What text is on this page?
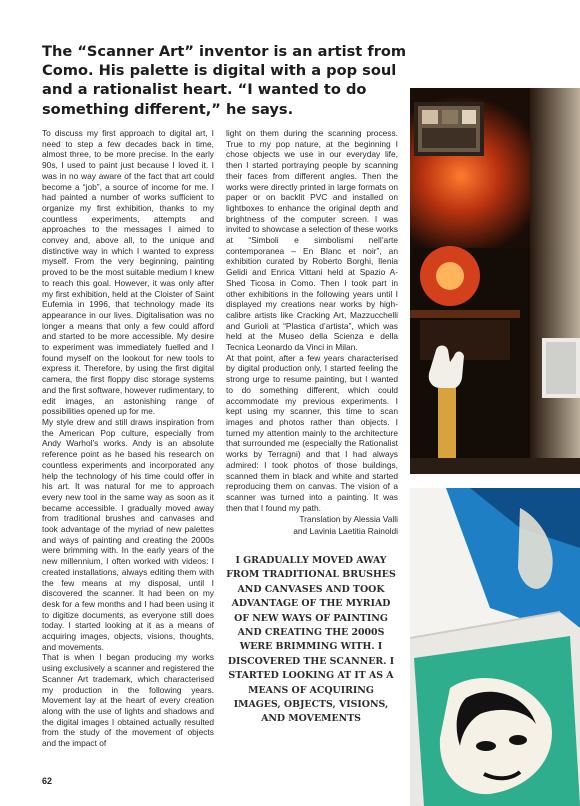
The “Scanner Art” inventor is an artist from Como. His palette is digital with a pop soul and a rationalist heart. “I wanted to do something different,” he says.

To discuss my first approach to digital art, I need to step a few decades back in time, almost three, to be more precise. In the early 90s, I used to paint just because I loved it. I was in no way aware of the fact that art could become a “job”, a source of income for me. I had painted a number of works sufficient to organize my first exhibition, thanks to my countless experiments, attempts and approaches to the messages I aimed to convey and, above all, to the unique and distinctive way in which I wanted to express myself. From the very beginning, painting proved to be the most suitable medium I knew to reach this goal. However, it was only after my first exhibition, held at the Cloister of Saint Eufemia in 1996, that technology made its appearance in our lives. Digitalisation was no longer a means that only a few could afford and started to be more accessible. My desire to experiment was immediately fuelled and I found myself on the lookout for new tools to express it. Therefore, by using the first digital camera, the first floppy disc storage systems and the first software, however rudimentary, to edit images, an astonishing range of possibilities opened up for me.

My style drew and still draws inspiration from the American Pop culture, especially from Andy Warhol’s works. Andy is an absolute reference point as he based his research on countless experiments and incorporated any help the technology of his time could offer in his art. It was natural for me to approach every new tool in the same way as soon as it became accessible. I gradually moved away from traditional brushes and canvases and took advantage of the myriad of new palettes and ways of painting and creating the 2000s were brimming with. In the early years of the new millennium, I often worked with videos: I created installations, always editing them with the few means at my disposal, until I discovered the scanner. It had been on my desk for a few months and I had been using it to digitize documents, as everyone still does today. I started looking at it as a means of acquiring images, objects, visions, thoughts, and movements.

That is when I began producing my works using exclusively a scanner and registered the Scanner Art trademark, which characterised my production in the following years. Movement lay at the heart of every creation along with the use of lights and shadows and the digital images I obtained actually resulted from the study of the movement of objects and the impact of

light on them during the scanning process. True to my pop nature, at the beginning I chose objects we use in our everyday life, then I started portraying people by scanning their faces from different angles. Then the works were directly printed in large formats on paper or on backlit PVC and installed on lightboxes to enhance the original depth and brightness of the computer screen. I was invited to showcase a selection of these works at “Simboli e simbolismi nell’arte contemporanea – En Blanc et noir”, an exhibition curated by Roberto Borghi, Ilenia Gelidi and Enrica Vittani held at Spazio A-Shed Ticosa in Como. Then I took part in other exhibitions in the following years until I displayed my creations near works by high-calibre artists like Cracking Art, Mazzucchelli and Gurioli at “Plastica d’artista”, which was held at the Museo della Scienza e della Tecnica Leonardo da Vinci in Milan.

At that point, after a few years characterised by digital production only, I started feeling the strong urge to resume painting, but I wanted to do something different, which could accommodate my previous experiments. I kept using my scanner, this time to scan images and photos rather than objects. I turned my attention mainly to the architecture that surrounded me (especially the Rationalist works by Terragni) and that I had always admired: I took photos of those buildings, scanned them in black and white and started reproducing them on canvas. The vision of a scanner was turned into a painting. It was then that I found my path.

Translation by Alessia Valli

and Lavinia Laetitia Rainoldi

I GRADUALLY MOVED AWAY FROM TRADITIONAL BRUSHES AND CANVASES AND TOOK ADVANTAGE OF THE MYRIAD OF NEW WAYS OF PAINTING AND CREATING THE 2000S WERE BRIMMING WITH. I DISCOVERED THE SCANNER. I STARTED LOOKING AT IT AS A MEANS OF ACQUIRING IMAGES, OBJECTS, VISIONS, AND MOVEMENTS

62
